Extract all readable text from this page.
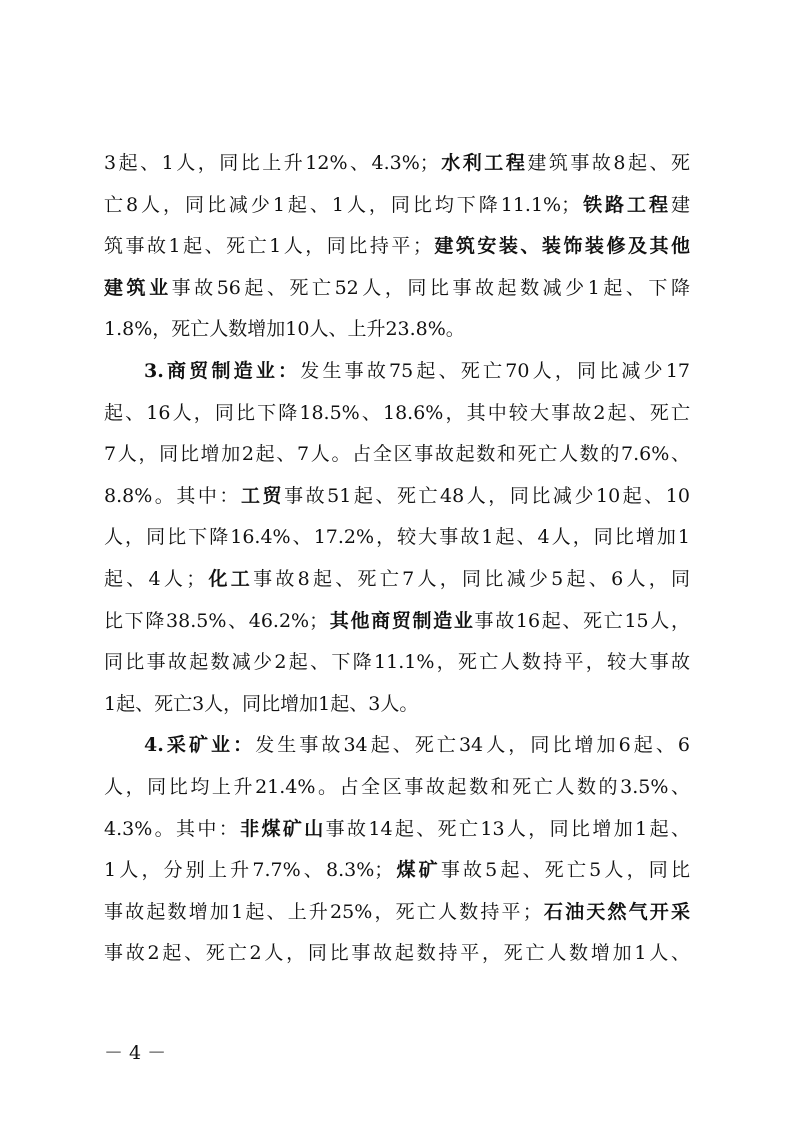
3起、1人，同比上升12%、4.3%；水利工程建筑事故8起、死
亡8人，同比减少1起、1人，同比均下降11.1%；铁路工程建
筑事故1起、死亡1人，同比持平；建筑安装、装饰装修及其他
建筑业事故56起、死亡52人，同比事故起数减少1起、下降
1.8%，死亡人数增加10人、上升23.8%。
3.商贸制造业：发生事故75起、死亡70人，同比减少17
起、16人，同比下降18.5%、18.6%，其中较大事故2起、死亡
7人，同比增加2起、7人。占全区事故起数和死亡人数的7.6%、
8.8%。其中：工贸事故51起、死亡48人，同比减少10起、10
人，同比下降16.4%、17.2%，较大事故1起、4人，同比增加1
起、4人；化工事故8起、死亡7人，同比减少5起、6人，同
比下降38.5%、46.2%；其他商贸制造业事故16起、死亡15人，
同比事故起数减少2起、下降11.1%，死亡人数持平，较大事故
1起、死亡3人，同比增加1起、3人。
4.采矿业：发生事故34起、死亡34人，同比增加6起、6
人，同比均上升21.4%。占全区事故起数和死亡人数的3.5%、
4.3%。其中：非煤矿山事故14起、死亡13人，同比增加1起、
1人，分别上升7.7%、8.3%；煤矿事故5起、死亡5人，同比
事故起数增加1起、上升25%，死亡人数持平；石油天然气开采
事故2起、死亡2人，同比事故起数持平，死亡人数增加1人、
－ 4 －
